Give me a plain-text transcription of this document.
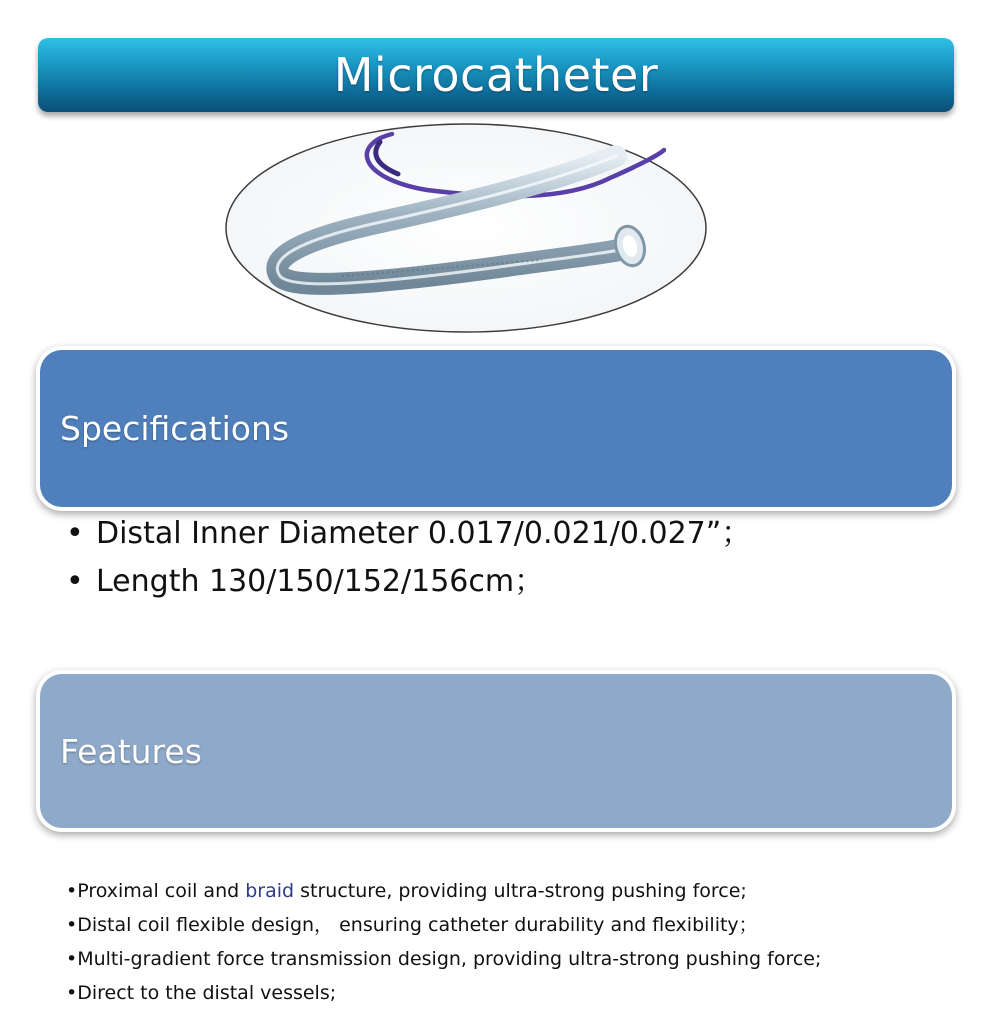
Microcatheter
Specifications
• Distal Inner Diameter 0.017/0.021/0.027”；
• Length 130/150/152/156cm；
Features
•Proximal coil and braid structure, providing ultra-strong pushing force;
•Distal coil flexible design， ensuring catheter durability and flexibility；
•Multi-gradient force transmission design, providing ultra-strong pushing force;
•Direct to the distal vessels;
